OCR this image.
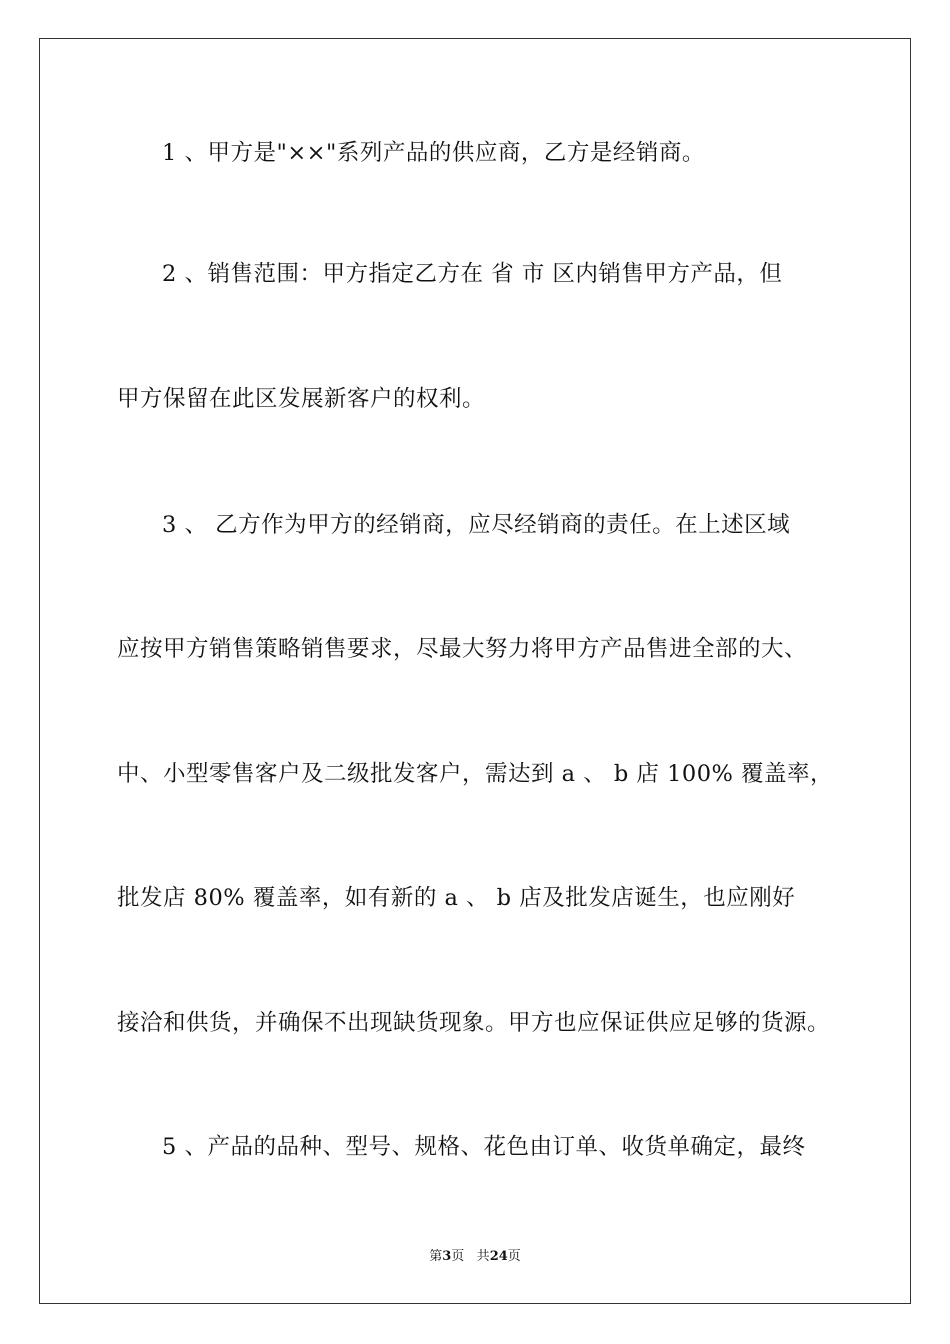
1 、甲方是"××"系列产品的供应商，乙方是经销商。
2 、销售范围：甲方指定乙方在 省 市 区内销售甲方产品，但
甲方保留在此区发展新客户的权利。
3 、 乙方作为甲方的经销商，应尽经销商的责任。在上述区域
应按甲方销售策略销售要求，尽最大努力将甲方产品售进全部的大、
中、小型零售客户及二级批发客户，需达到 a 、 b 店 100% 覆盖率，
批发店 80% 覆盖率，如有新的 a 、 b 店及批发店诞生，也应刚好
接洽和供货，并确保不出现缺货现象。甲方也应保证供应足够的货源。
5 、产品的品种、型号、规格、花色由订单、收货单确定，最终
第3页 共24页
